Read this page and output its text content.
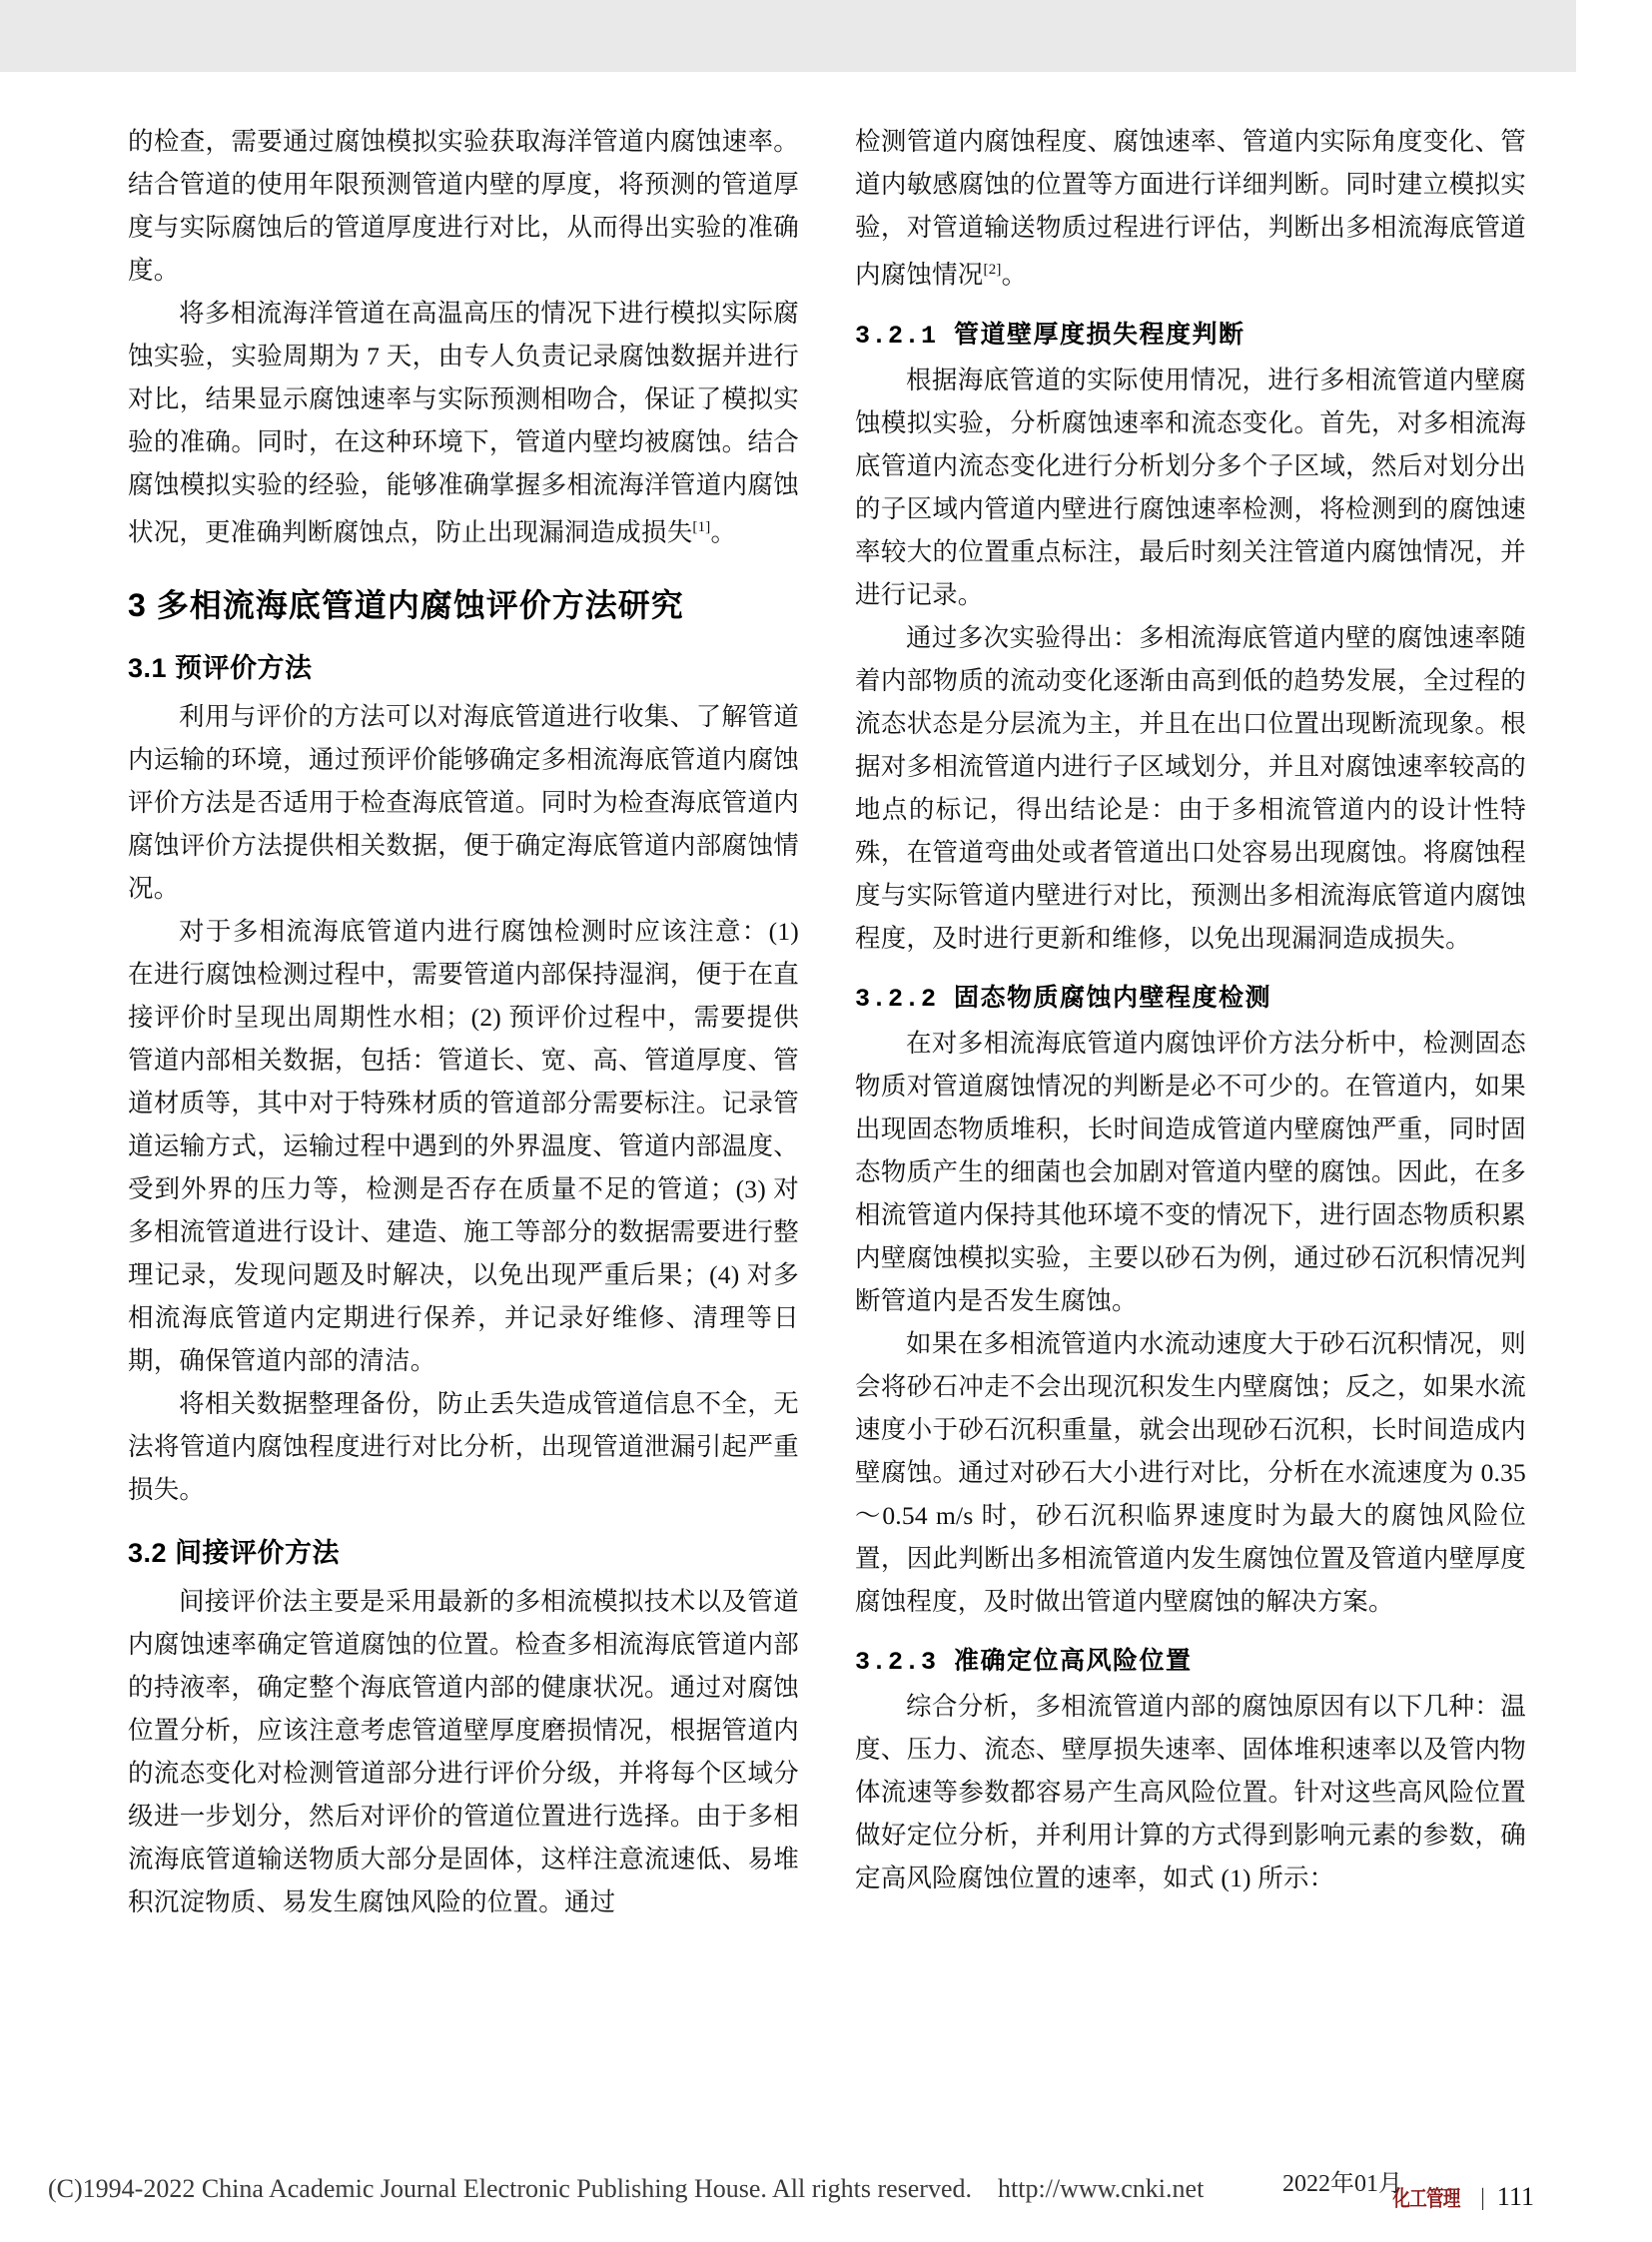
的检查，需要通过腐蚀模拟实验获取海洋管道内腐蚀速率。结合管道的使用年限预测管道内壁的厚度，将预测的管道厚度与实际腐蚀后的管道厚度进行对比，从而得出实验的准确度。

将多相流海洋管道在高温高压的情况下进行模拟实际腐蚀实验，实验周期为 7 天，由专人负责记录腐蚀数据并进行对比，结果显示腐蚀速率与实际预测相吻合，保证了模拟实验的准确。同时，在这种环境下，管道内壁均被腐蚀。结合腐蚀模拟实验的经验，能够准确掌握多相流海洋管道内腐蚀状况，更准确判断腐蚀点，防止出现漏洞造成损失[1]。

3 多相流海底管道内腐蚀评价方法研究
3.1 预评价方法

利用与评价的方法可以对海底管道进行收集、了解管道内运输的环境，通过预评价能够确定多相流海底管道内腐蚀评价方法是否适用于检查海底管道。同时为检查海底管道内腐蚀评价方法提供相关数据，便于确定海底管道内部腐蚀情况。

对于多相流海底管道内进行腐蚀检测时应该注意：(1) 在进行腐蚀检测过程中，需要管道内部保持湿润，便于在直接评价时呈现出周期性水相；(2) 预评价过程中，需要提供管道内部相关数据，包括：管道长、宽、高、管道厚度、管道材质等，其中对于特殊材质的管道部分需要标注。记录管道运输方式，运输过程中遇到的外界温度、管道内部温度、受到外界的压力等，检测是否存在质量不足的管道；(3) 对多相流管道进行设计、建造、施工等部分的数据需要进行整理记录，发现问题及时解决，以免出现严重后果；(4) 对多相流海底管道内定期进行保养，并记录好维修、清理等日期，确保管道内部的清洁。

将相关数据整理备份，防止丢失造成管道信息不全，无法将管道内腐蚀程度进行对比分析，出现管道泄漏引起严重损失。

3.2 间接评价方法

间接评价法主要是采用最新的多相流模拟技术以及管道内腐蚀速率确定管道腐蚀的位置。检查多相流海底管道内部的持液率，确定整个海底管道内部的健康状况。通过对腐蚀位置分析，应该注意考虑管道壁厚度磨损情况，根据管道内的流态变化对检测管道部分进行评价分级，并将每个区域分级进一步划分，然后对评价的管道位置进行选择。由于多相流海底管道输送物质大部分是固体，这样注意流速低、易堆积沉淀物质、易发生腐蚀风险的位置。通过

检测管道内腐蚀程度、腐蚀速率、管道内实际角度变化、管道内敏感腐蚀的位置等方面进行详细判断。同时建立模拟实验，对管道输送物质过程进行评估，判断出多相流海底管道内腐蚀情况[2]。

3.2.1 管道壁厚度损失程度判断

根据海底管道的实际使用情况，进行多相流管道内壁腐蚀模拟实验，分析腐蚀速率和流态变化。首先，对多相流海底管道内流态变化进行分析划分多个子区域，然后对划分出的子区域内管道内壁进行腐蚀速率检测，将检测到的腐蚀速率较大的位置重点标注，最后时刻关注管道内腐蚀情况，并进行记录。

通过多次实验得出：多相流海底管道内壁的腐蚀速率随着内部物质的流动变化逐渐由高到低的趋势发展，全过程的流态状态是分层流为主，并且在出口位置出现断流现象。根据对多相流管道内进行子区域划分，并且对腐蚀速率较高的地点的标记，得出结论是：由于多相流管道内的设计性特殊，在管道弯曲处或者管道出口处容易出现腐蚀。将腐蚀程度与实际管道内壁进行对比，预测出多相流海底管道内腐蚀程度，及时进行更新和维修，以免出现漏洞造成损失。

3.2.2 固态物质腐蚀内壁程度检测

在对多相流海底管道内腐蚀评价方法分析中，检测固态物质对管道腐蚀情况的判断是必不可少的。在管道内，如果出现固态物质堆积，长时间造成管道内壁腐蚀严重，同时固态物质产生的细菌也会加剧对管道内壁的腐蚀。因此，在多相流管道内保持其他环境不变的情况下，进行固态物质积累内壁腐蚀模拟实验，主要以砂石为例，通过砂石沉积情况判断管道内是否发生腐蚀。

如果在多相流管道内水流动速度大于砂石沉积情况，则会将砂石冲走不会出现沉积发生内壁腐蚀；反之，如果水流速度小于砂石沉积重量，就会出现砂石沉积，长时间造成内壁腐蚀。通过对砂石大小进行对比，分析在水流速度为 0.35～0.54 m/s 时，砂石沉积临界速度时为最大的腐蚀风险位置，因此判断出多相流管道内发生腐蚀位置及管道内壁厚度腐蚀程度，及时做出管道内壁腐蚀的解决方案。

3.2.3 准确定位高风险位置

综合分析，多相流管道内部的腐蚀原因有以下几种：温度、压力、流态、壁厚损失速率、固体堆积速率以及管内物体流速等参数都容易产生高风险位置。针对这些高风险位置做好定位分析，并利用计算的方式得到影响元素的参数，确定高风险腐蚀位置的速率，如式 (1) 所示：

(C)1994-2022 China Academic Journal Electronic Publishing House. All rights reserved. http://www.cnki.net	2022年01月
化工管理 | 111
